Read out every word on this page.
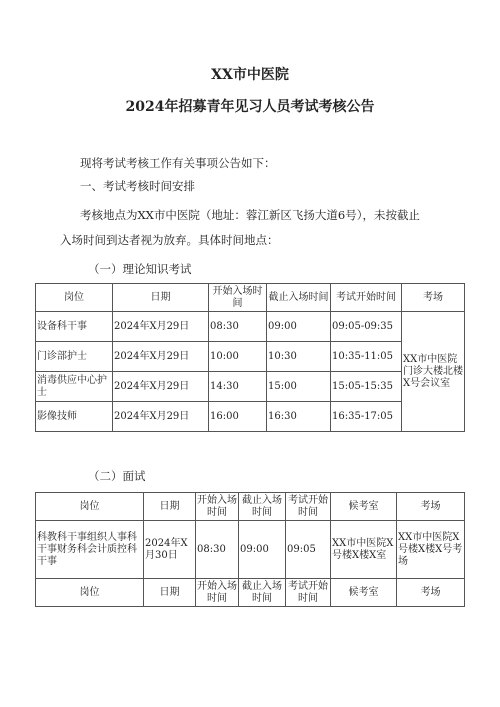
XX市中医院
2024年招募青年见习人员考试考核公告
现将考试考核工作有关事项公告如下：
一、考试考核时间安排
考核地点为XX市中医院（地址：蓉江新区飞扬大道6号），未按截止
入场时间到达者视为放弃。具体时间地点：
（一）理论知识考试
岗位	日期	开始入场时间	截止入场时间	考试开始时间	考场
设备科干事	2024年X月29日	08:30	09:00	09:05-09:35	XX市中医院门诊大楼北楼X号会议室
门诊部护士	2024年X月29日	10:00	10:30	10:35-11:05	
消毒供应中心护士	2024年X月29日	14:30	15:00	15:05-15:35	
影像技师	2024年X月29日	16:00	16:30	16:35-17:05	
（二）面试
岗位	日期	开始入场时间	截止入场时间	考试开始时间	候考室	考场
科教科干事组织人事科干事财务科会计质控科干事	2024年X月30日	08:30	09:00	09:05	XX市中医院X号楼X楼X室	XX市中医院X号楼X楼X号考场
岗位	日期	开始入场时间	截止入场时间	考试开始时间	候考室	考场
